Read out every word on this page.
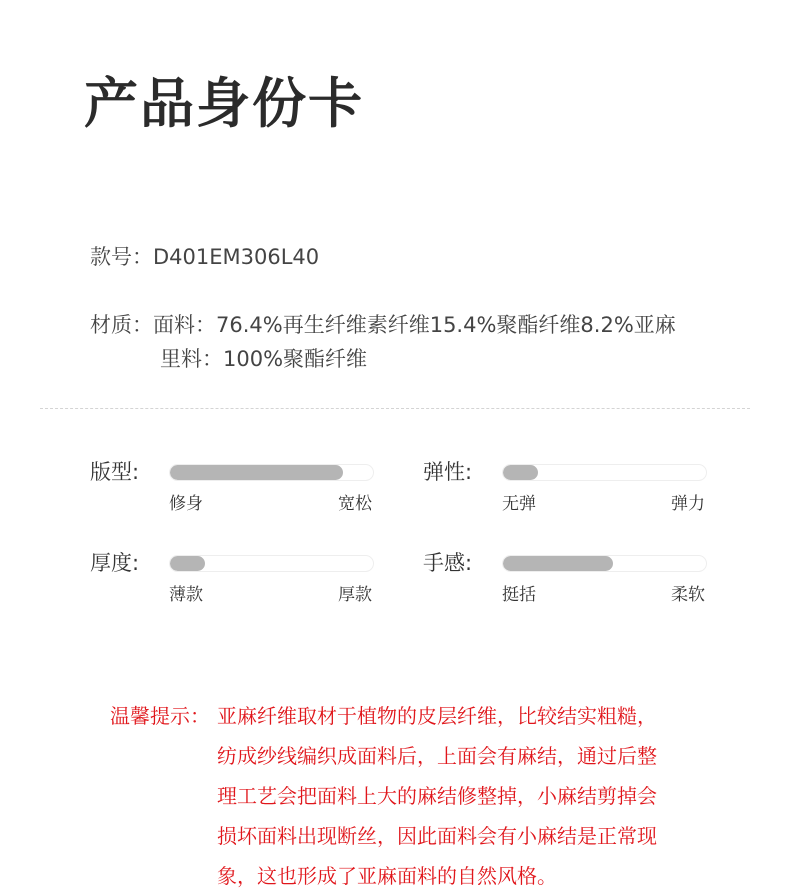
产品身份卡
款号：D401EM306L40
材质：面料：76.4%再生纤维素纤维15.4%聚酯纤维8.2%亚麻
里料：100%聚酯纤维
版型:
修身	宽松
弹性:
无弹	弹力
厚度:
薄款	厚款
手感:
挺括	柔软
温馨提示： 亚麻纤维取材于植物的皮层纤维，比较结实粗糙，
纺成纱线编织成面料后，上面会有麻结，通过后整
理工艺会把面料上大的麻结修整掉，小麻结剪掉会
损坏面料出现断丝，因此面料会有小麻结是正常现
象，这也形成了亚麻面料的自然风格。
